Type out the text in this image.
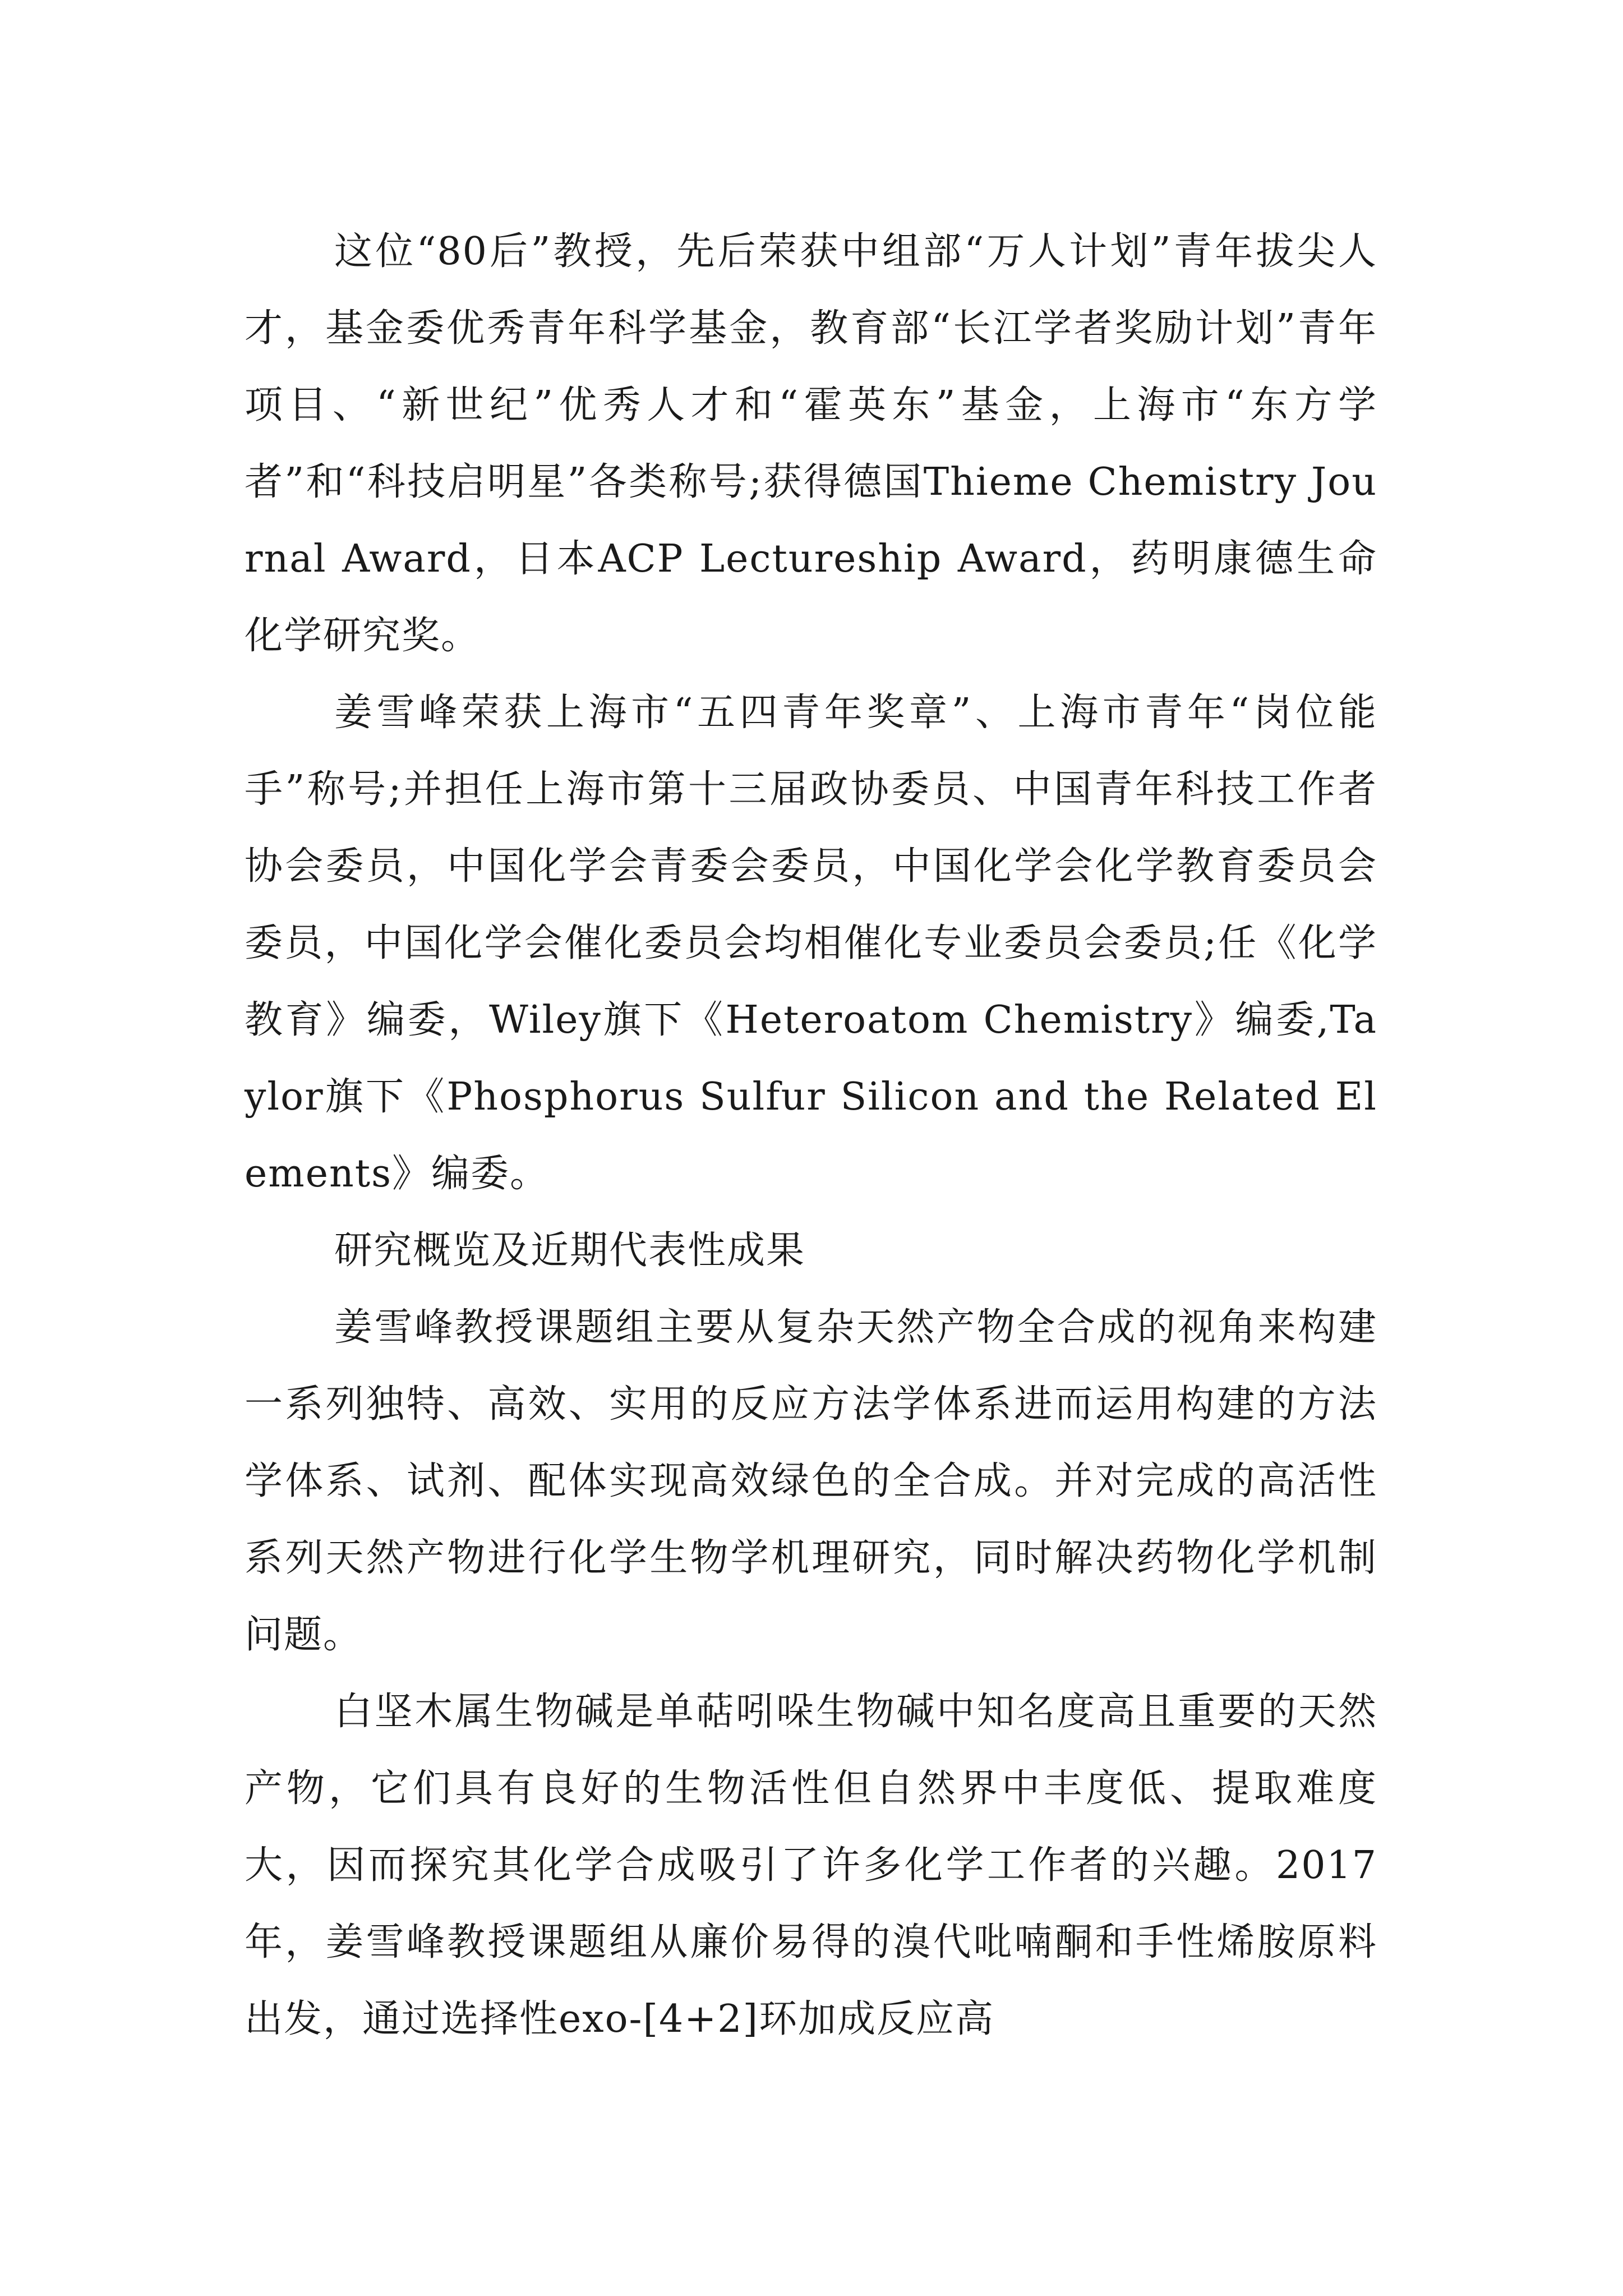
这位“80后”教授，先后荣获中组部“万人计划”青年拔尖人才，基金委优秀青年科学基金，教育部“长江学者奖励计划”青年项目、“新世纪”优秀人才和“霍英东”基金，上海市“东方学者”和“科技启明星”各类称号;获得德国Thieme Chemistry Journal Award，日本ACP Lectureship Award，药明康德生命化学研究奖。

姜雪峰荣获上海市“五四青年奖章”、上海市青年“岗位能手”称号;并担任上海市第十三届政协委员、中国青年科技工作者协会委员，中国化学会青委会委员，中国化学会化学教育委员会委员，中国化学会催化委员会均相催化专业委员会委员;任《化学教育》编委，Wiley旗下《Heteroatom Chemistry》编委,Taylor旗下《Phosphorus Sulfur Silicon and the Related Elements》编委。

研究概览及近期代表性成果

姜雪峰教授课题组主要从复杂天然产物全合成的视角来构建一系列独特、高效、实用的反应方法学体系进而运用构建的方法学体系、试剂、配体实现高效绿色的全合成。并对完成的高活性系列天然产物进行化学生物学机理研究，同时解决药物化学机制问题。

白坚木属生物碱是单萜吲哚生物碱中知名度高且重要的天然产物，它们具有良好的生物活性但自然界中丰度低、提取难度大，因而探究其化学合成吸引了许多化学工作者的兴趣。2017年，姜雪峰教授课题组从廉价易得的溴代吡喃酮和手性烯胺原料出发，通过选择性exo-[4+2]环加成反应高
